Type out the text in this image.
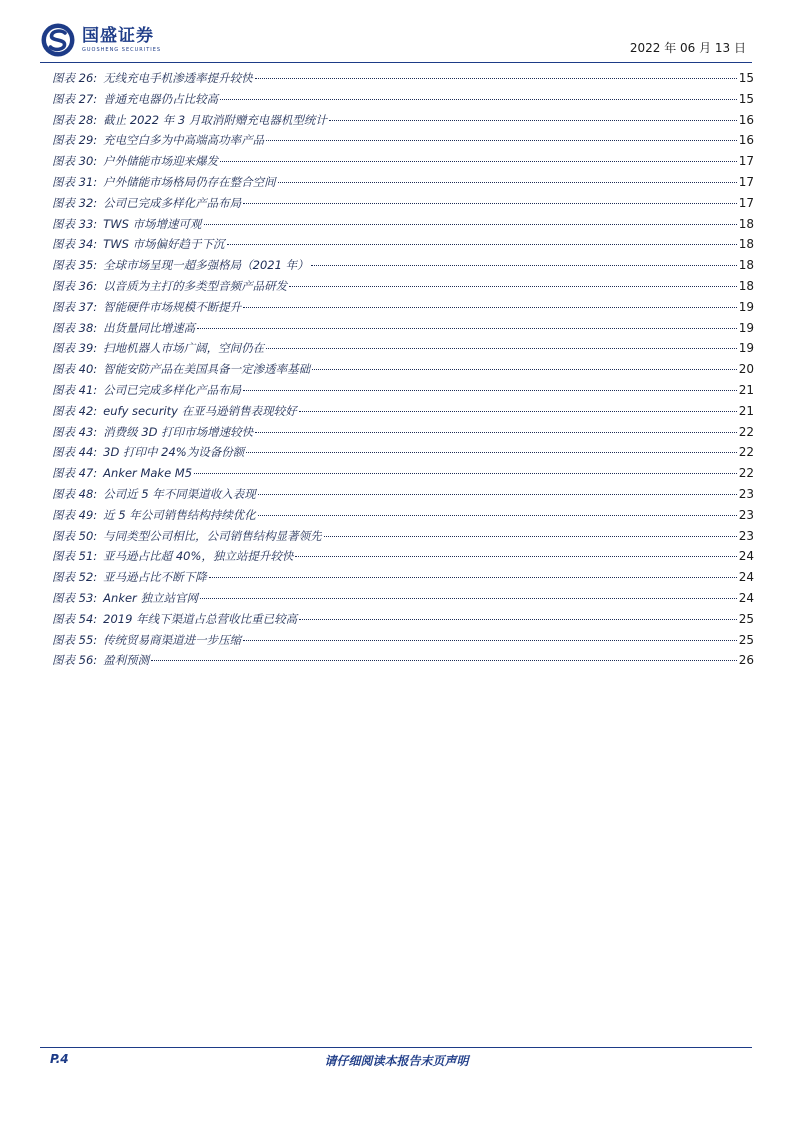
国盛证券
GUOSHENG SECURITIES	2022 年 06 月 13 日
图表 26: 无线充电手机渗透率提升较快	15
图表 27: 普通充电器仍占比较高	15
图表 28: 截止 2022 年 3 月取消附赠充电器机型统计	16
图表 29: 充电空白多为中高端高功率产品	16
图表 30: 户外储能市场迎来爆发	17
图表 31: 户外储能市场格局仍存在整合空间	17
图表 32: 公司已完成多样化产品布局	17
图表 33: TWS 市场增速可观	18
图表 34: TWS 市场偏好趋于下沉	18
图表 35: 全球市场呈现一超多强格局（2021 年）	18
图表 36: 以音质为主打的多类型音频产品研发	18
图表 37: 智能硬件市场规模不断提升	19
图表 38: 出货量同比增速高	19
图表 39: 扫地机器人市场广阔，空间仍在	19
图表 40: 智能安防产品在美国具备一定渗透率基础	20
图表 41: 公司已完成多样化产品布局	21
图表 42: eufy security 在亚马逊销售表现较好	21
图表 43: 消费级 3D 打印市场增速较快	22
图表 44: 3D 打印中 24%为设备份额	22
图表 47: Anker Make M5	22
图表 48: 公司近 5 年不同渠道收入表现	23
图表 49: 近 5 年公司销售结构持续优化	23
图表 50: 与同类型公司相比，公司销售结构显著领先	23
图表 51: 亚马逊占比超 40%，独立站提升较快	24
图表 52: 亚马逊占比不断下降	24
图表 53: Anker 独立站官网	24
图表 54: 2019 年线下渠道占总营收比重已较高	25
图表 55: 传统贸易商渠道进一步压缩	25
图表 56: 盈利预测	26
请仔细阅读本报告末页声明
P.4
